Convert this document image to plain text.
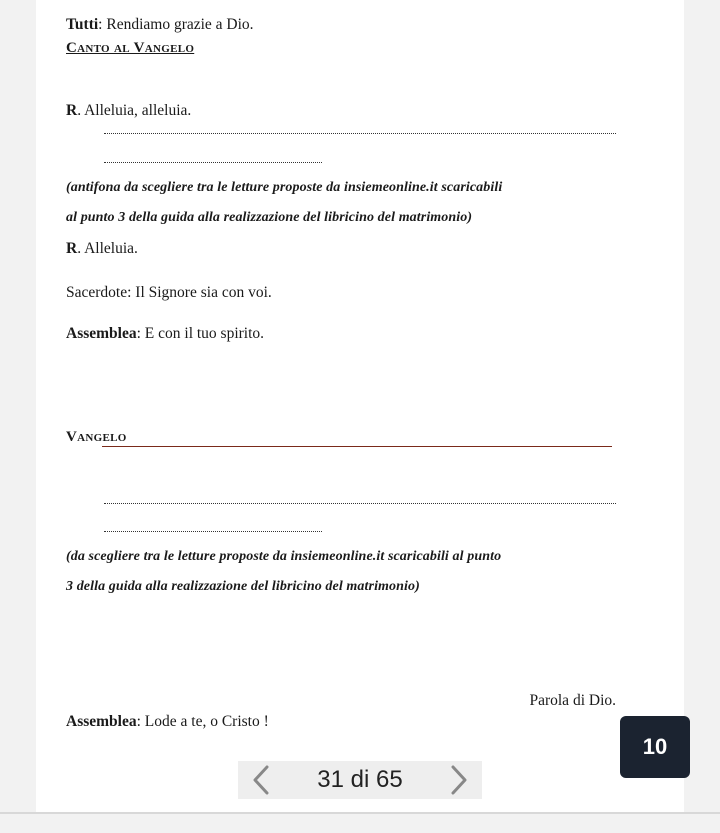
Tutti: Rendiamo grazie a Dio.
Canto al Vangelo
R. Alleluia, alleluia.
(antifona da scegliere tra le letture proposte da insiemeonline.it scaricabili
al punto 3 della guida alla realizzazione del libricino del matrimonio)
R. Alleluia.
Sacerdote: Il Signore sia con voi.
Assemblea: E con il tuo spirito.
Vangelo
(da scegliere tra le letture proposte da insiemeonline.it scaricabili al punto
3 della guida alla realizzazione del libricino del matrimonio)
Parola di Dio.
Assemblea: Lode a te, o Cristo !
10
31 di 65
